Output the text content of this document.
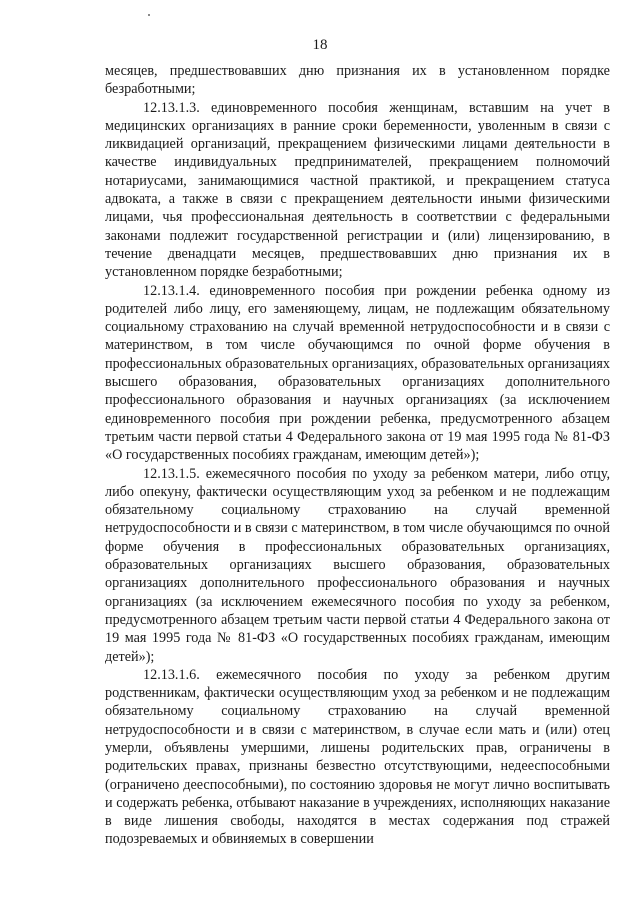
18

месяцев, предшествовавших дню признания их в установленном порядке безработными;

12.13.1.3. единовременного пособия женщинам, вставшим на учет в медицинских организациях в ранние сроки беременности, уволенным в связи с ликвидацией организаций, прекращением физическими лицами деятельности в качестве индивидуальных предпринимателей, прекращением полномочий нотариусами, занимающимися частной практикой, и прекращением статуса адвоката, а также в связи с прекращением деятельности иными физическими лицами, чья профессиональная деятельность в соответствии с федеральными законами подлежит государственной регистрации и (или) лицензированию, в течение двенадцати месяцев, предшествовавших дню признания их в установленном порядке безработными;

12.13.1.4. единовременного пособия при рождении ребенка одному из родителей либо лицу, его заменяющему, лицам, не подлежащим обязательному социальному страхованию на случай временной нетрудоспособности и в связи с материнством, в том числе обучающимся по очной форме обучения в профессиональных образовательных организациях, образовательных организациях высшего образования, образовательных организациях дополнительного профессионального образования и научных организациях (за исключением единовременного пособия при рождении ребенка, предусмотренного абзацем третьим части первой статьи 4 Федерального закона от 19 мая 1995 года № 81-ФЗ «О государственных пособиях гражданам, имеющим детей»);

12.13.1.5. ежемесячного пособия по уходу за ребенком матери, либо отцу, либо опекуну, фактически осуществляющим уход за ребенком и не подлежащим обязательному социальному страхованию на случай временной нетрудоспособности и в связи с материнством, в том числе обучающимся по очной форме обучения в профессиональных образовательных организациях, образовательных организациях высшего образования, образовательных организациях дополнительного профессионального образования и научных организациях (за исключением ежемесячного пособия по уходу за ребенком, предусмотренного абзацем третьим части первой статьи 4 Федерального закона от 19 мая 1995 года № 81-ФЗ «О государственных пособиях гражданам, имеющим детей»);

12.13.1.6. ежемесячного пособия по уходу за ребенком другим родственникам, фактически осуществляющим уход за ребенком и не подлежащим обязательному социальному страхованию на случай временной нетрудоспособности и в связи с материнством, в случае если мать и (или) отец умерли, объявлены умершими, лишены родительских прав, ограничены в родительских правах, признаны безвестно отсутствующими, недееспособными (ограничено дееспособными), по состоянию здоровья не могут лично воспитывать и содержать ребенка, отбывают наказание в учреждениях, исполняющих наказание в виде лишения свободы, находятся в местах содержания под стражей подозреваемых и обвиняемых в совершении
